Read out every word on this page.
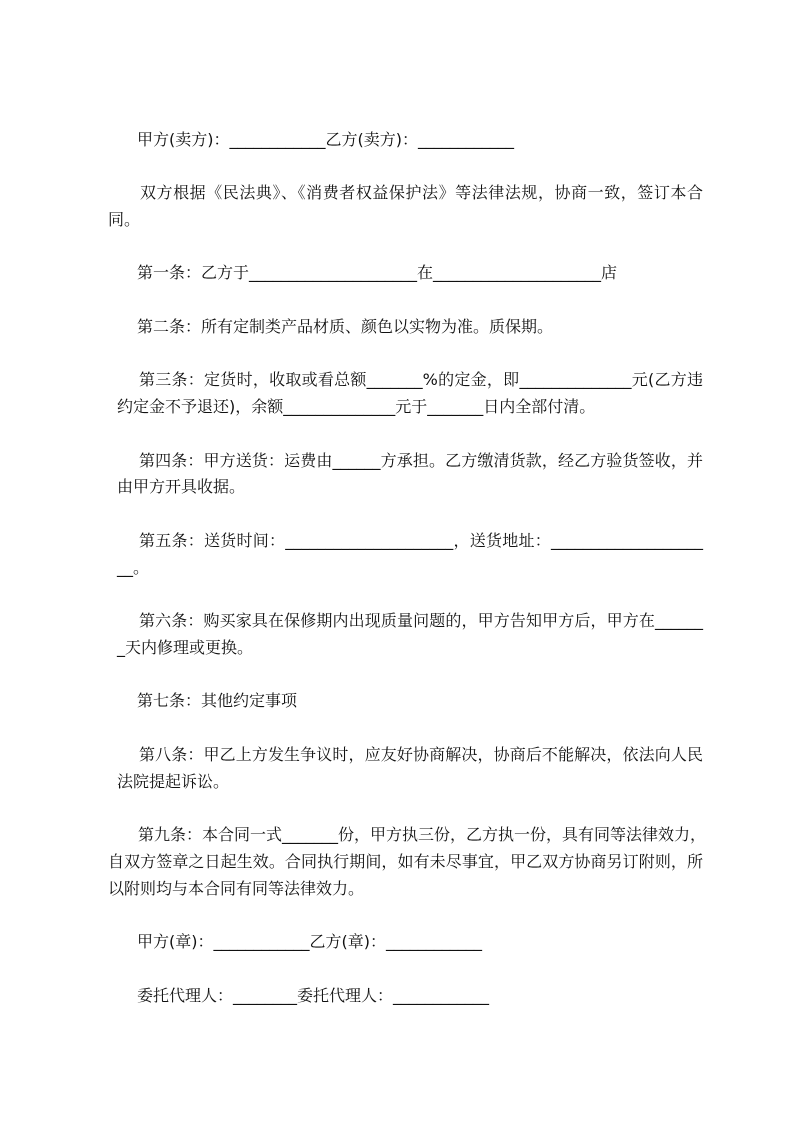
甲方(卖方)：____________乙方(卖方)：____________
双方根据《民法典》、《消费者权益保护法》等法律法规，协商一致，签订本合
同。
第一条：乙方于_____________________在_____________________店
第二条：所有定制类产品材质、颜色以实物为准。质保期。
第三条：定货时，收取或看总额_______%的定金，即______________元(乙方违
约定金不予退还)，余额______________元于_______日内全部付清。
第四条：甲方送货：运费由______方承担。乙方缴清货款，经乙方验货签收，并
由甲方开具收据。
第五条：送货时间：_____________________，送货地址：___________________
__。
第六条：购买家具在保修期内出现质量问题的，甲方告知甲方后，甲方在______
_天内修理或更换。
第七条：其他约定事项
第八条：甲乙上方发生争议时，应友好协商解决，协商后不能解决，依法向人民
法院提起诉讼。
第九条：本合同一式_______份，甲方执三份，乙方执一份，具有同等法律效力，
自双方签章之日起生效。合同执行期间，如有未尽事宜，甲乙双方协商另订附则，所
以附则均与本合同有同等法律效力。
甲方(章)：____________乙方(章)：____________
委托代理人：________委托代理人：____________
